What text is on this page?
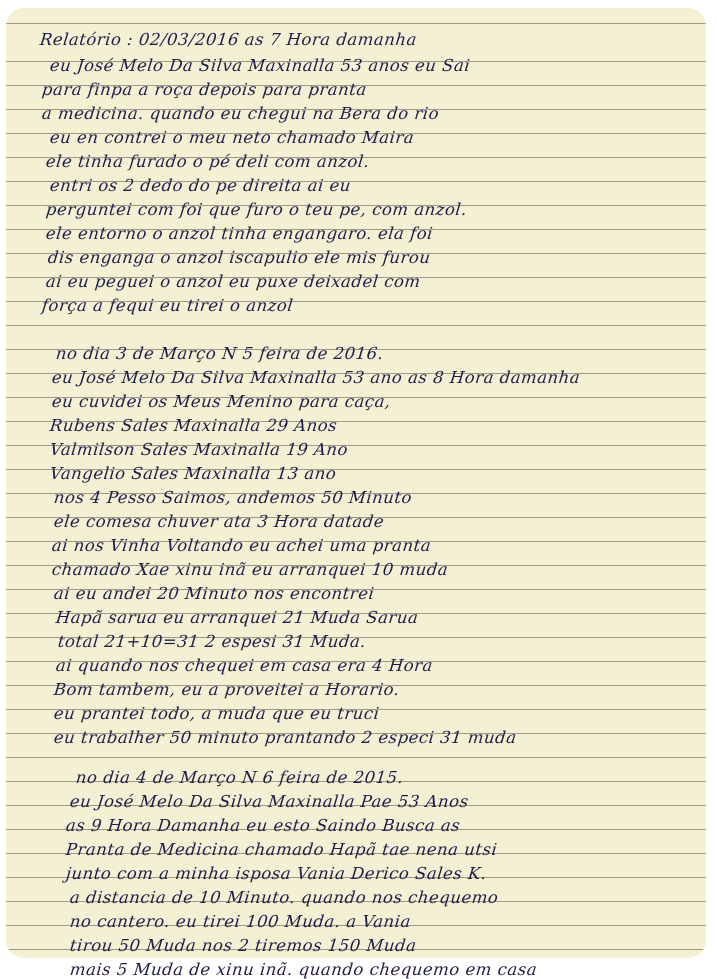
Relatório : 02/03/2016 as 7 Hora damanha
eu José Melo Da Silva Maxinalla 53 anos eu Sai
para finpa a roça depois para pranta
a medicina. quando eu chegui na Bera do rio
eu en contrei o meu neto chamado Maira
ele tinha furado o pé deli com anzol.
entri os 2 dedo do pe direita ai eu
perguntei com foi que furo o teu pe, com anzol.
ele entorno o anzol tinha engangaro. ela foi
dis enganga o anzol iscapulio ele mis furou
ai eu peguei o anzol eu puxe deixadel com
força a fequi eu tirei o anzol
no dia 3 de Março N 5 feira de 2016.
eu José Melo Da Silva Maxinalla 53 ano as 8 Hora damanha
eu cuvidei os Meus Menino para caça,
Rubens Sales Maxinalla 29 Anos
Valmilson Sales Maxinalla 19 Ano
Vangelio Sales Maxinalla 13 ano
nos 4 Pesso Saimos, andemos 50 Minuto
ele comesa chuver ata 3 Hora datade
ai nos Vinha Voltando eu achei uma pranta
chamado Xae xinu inã eu arranquei 10 muda
ai eu andei 20 Minuto nos encontrei
Hapã sarua eu arranquei 21 Muda Sarua
total 21+10=31 2 espesi 31 Muda.
ai quando nos chequei em casa era 4 Hora
Bom tambem, eu a proveitei a Horario.
eu prantei todo, a muda que eu truci
eu trabalher 50 minuto prantando 2 especi 31 muda
no dia 4 de Março N 6 feira de 2015.
eu José Melo Da Silva Maxinalla Pae 53 Anos
as 9 Hora Damanha eu esto Saindo Busca as
Pranta de Medicina chamado Hapã tae nena utsi
junto com a minha isposa Vania Derico Sales K.
a distancia de 10 Minuto. quando nos chequemo
no cantero. eu tirei 100 Muda. a Vania
tirou 50 Muda nos 2 tiremos 150 Muda
mais 5 Muda de xinu inã. quando chequemo em casa
